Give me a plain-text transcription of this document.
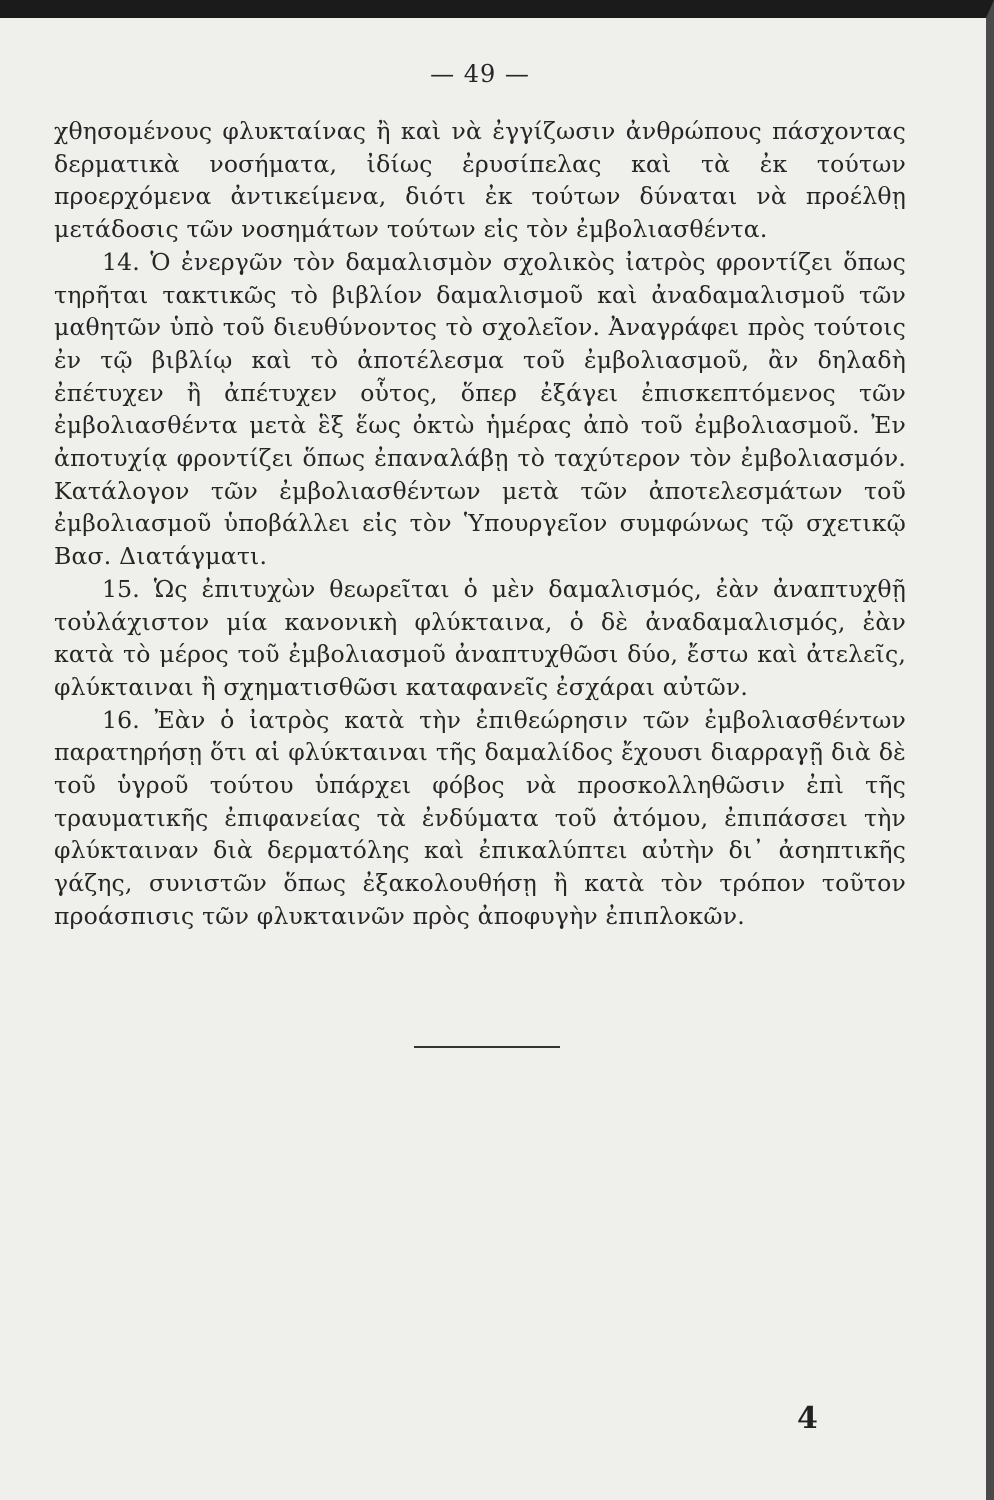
— 49 —

χθησομένους φλυκταίνας ἢ καὶ νὰ ἐγγίζωσιν ἀνθρώπους πάσχοντας δερματικὰ νοσήματα, ἰδίως ἐρυσίπελας καὶ τὰ ἐκ τούτων προερχόμενα ἀντικείμενα, διότι ἐκ τούτων δύναται νὰ προέλθῃ μετάδοσις τῶν νοσημάτων τούτων εἰς τὸν ἐμβολιασθέντα.

14. Ὁ ἐνεργῶν τὸν δαμαλισμὸν σχολικὸς ἰατρὸς φροντίζει ὅπως τηρῆται τακτικῶς τὸ βιβλίον δαμαλισμοῦ καὶ ἀναδαμαλισμοῦ τῶν μαθητῶν ὑπὸ τοῦ διευθύνοντος τὸ σχολεῖον. Ἀναγράφει πρὸς τούτοις ἐν τῷ βιβλίῳ καὶ τὸ ἀποτέλεσμα τοῦ ἐμβολιασμοῦ, ἂν δηλαδὴ ἐπέτυχεν ἢ ἀπέτυχεν οὗτος, ὅπερ ἐξάγει ἐπισκεπτόμενος τῶν ἐμβολιασθέντα μετὰ ἓξ ἕως ὀκτὼ ἡμέρας ἀπὸ τοῦ ἐμβολιασμοῦ. Ἐν ἀποτυχίᾳ φροντίζει ὅπως ἐπαναλάβῃ τὸ ταχύτερον τὸν ἐμβολιασμόν. Κατάλογον τῶν ἐμβολιασθέντων μετὰ τῶν ἀποτελεσμάτων τοῦ ἐμβολιασμοῦ ὑποβάλλει εἰς τὸν Ὑπουργεῖον συμφώνως τῷ σχετικῷ Βασ. Διατάγματι.

15. Ὡς ἐπιτυχὼν θεωρεῖται ὁ μὲν δαμαλισμός, ἐὰν ἀναπτυχθῇ τοὐλάχιστον μία κανονικὴ φλύκταινα, ὁ δὲ ἀναδαμαλισμός, ἐὰν κατὰ τὸ μέρος τοῦ ἐμβολιασμοῦ ἀναπτυχθῶσι δύο, ἔστω καὶ ἀτελεῖς, φλύκταιναι ἢ σχηματισθῶσι καταφανεῖς ἐσχάραι αὐτῶν.

16. Ἐὰν ὁ ἰατρὸς κατὰ τὴν ἐπιθεώρησιν τῶν ἐμβολιασθέντων παρατηρήσῃ ὅτι αἱ φλύκταιναι τῆς δαμαλίδος ἔχουσι διαρραγῇ διὰ δὲ τοῦ ὑγροῦ τούτου ὑπάρχει φόβος νὰ προσκολληθῶσιν ἐπὶ τῆς τραυματικῆς ἐπιφανείας τὰ ἐνδύματα τοῦ ἀτόμου, ἐπιπάσσει τὴν φλύκταιναν διὰ δερματόλης καὶ ἐπικαλύπτει αὐτὴν δι᾽ ἀσηπτικῆς γάζης, συνιστῶν ὅπως ἐξακολουθήσῃ ἢ κατὰ τὸν τρόπον τοῦτον προάσπισις τῶν φλυκταινῶν πρὸς ἀποφυγὴν ἐπιπλοκῶν.

4
